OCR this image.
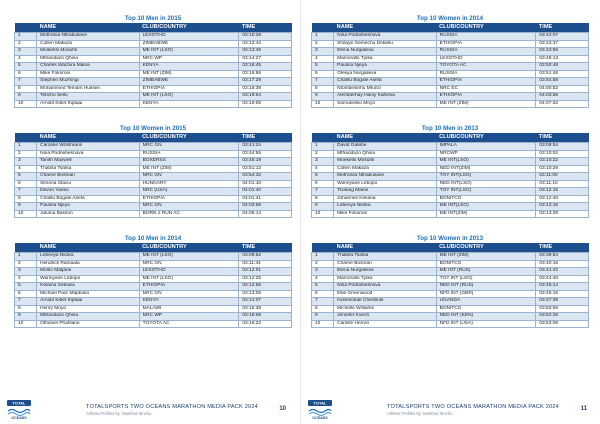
Top 10 Men in 2015
	NAME	CLUB/COUNTRY	TIME
1	Mothotoa Nthabuliane	LESOTHO	03:10:28
2	Collen Makaza	ZIMBABWE	03:12:42
3	Mosketsi Mosuhli	ME INT (LSO)	03:13:45
4	Mthandazo Qhina	NRC WP	03:14:27
5	Charles Wachira Maina	KENYA	03:16:45
6	Mike Fokoroni	ME INT (ZIM)	03:16:56
7	Stephen Muzhingi	ZIMBABWE	03:17:29
8	Mohammed Temam Hussen	ETHIOPIA	03:18:38
9	Tebcho Sello	ME INT (LSO)	03:18:54
10	Arnold Kibet Kiptaai	KENYA	03:19:05
Top 10 Women in 2015
	NAME	CLUB/COUNTRY	TIME
1	Caroline Wöstmann	NRC GN	03:41:24
2	Nina Podnebesnova	RUSSIA	03:44:55
3	Tanith Maxwell	BOXERSS	03:45:19
4	Thabita Tsatsa	ME INT (ZIM)	03:51:12
5	Charné Bosman	NRC GN	03:54:32
6	Simona Staicu	HUNGARY	04:01:10
7	Devon Yanko	NRC (USA)	04:01:40
8	Chalitu Bogale Asefa	ETHIOPIA	04:01:41
9	Paulina Njeya	NRC GN	04:03:58
10	Juliana Basson	BORN 2 RUN AC	04:06:14
Top 10 Men in 2014
	NAME	CLUB/COUNTRY	TIME
1	Lebenya Nkoka	ME INT (LSO)	03:09:52
2	Hendrick Ramaala	NRC GN	03:11:34
3	Moslo Matjane	LESOTHO	03:12:01
4	Warinyane Lebopo	ME INT (LSO)	03:12:25
5	Kelama Sekowa	ETHIOPIA	03:12:56
6	Michael Paor Mapbuko	NRC GN	03:13:05
7	Arnold Kibet Kiptaai	KENYA	03:14:07
8	Henry Moyo	MALAWI	03:15:38
9	Mthandazo Qhina	NRC WP	03:16:08
10	Othaniel Phahlane	TOYOTA AC	03:16:22
TOTAL
OCEANS
TOTALSPORTS TWO OCEANS MARATHON MEDIA PACK 2024
Athlete Profiles by: Manfred Sinzhu
10
Top 10 Women in 2014
	NAME	CLUB/COUNTRY	TIME
1	Nina Podnebesnova	RUSSIA	03:42:07
2	Shitaye Gemechu Debellu	ETHIOPIA	03:43:37
3	Elena Nurgalieva	RUSSIA	03:43:59
4	Mamorallo Tjoka	LESOTHO	03:46:13
5	Paulina Njeya	TOYOTA AC	03:50:48
6	Olesya Nurgalieva	RUSSIA	03:51:46
7	Chalitu Bogale Asefa	ETHIOPIA	03:54:58
8	Ntombesinhu Mfunzi	NRC EC	04:00:52
9	Alemberhay Haniy Kahissa	ETHIOPIA	04:03:56
10	Samukeliso Moyo	ME INT (ZIM)	04:07:32
Top 10 Men in 2013
	NAME	CLUB/COUNTRY	TIME
1	David Gatebe	IMPALA	03:08:54
2	Mthandazo Qhina	NRCWP	03:10:02
3	Moeketsi Mosuhli	ME INT(LSO)	03:10:22
4	Collen Makaza	NED INT(ZIM)	03:10:29
5	Mothotoa Nthabuliane	TOY INT(LSO)	03:11:00
6	Warinyane Lebopo	NED INT(LSO)	03:11:10
7	Tsotang Maine	TOY INT(LSO)	03:12:15
8	Johannes Kekana	BONITCG	03:12:40
9	Lebenya Nkoka	ME INT(LSO)	03:13:16
10	Mike Fokoroni	ME INT(ZIM)	03:13:29
Top 10 Women in 2013
	NAME	CLUB/COUNTRY	TIME
1	Thabita Tsatsa	ME INT (ZIM)	03:39:54
2	Charné Bosman	BONITCG	03:40:16
3	Elena Nurgalieva	ME INT (RUS)	03:41:42
4	Mamorallo Tjoka	TOY INT (LSO)	03:44:40
5	Nina Podnebesnova	NED INT (RUS)	03:45:14
6	Ellie Greenwood	NFD INT (GBR)	03:45:15
7	Irvinesolute Chenbule	UGANDA	03:47:39
8	Michelle Williams	BONITCG	03:50:56
9	Jennifer Koech	NED INT (KEN)	03:52:28
10	Camille Herron	NFD INT (USA)	03:53:09
TOTAL
OCEANS
TOTALSPORTS TWO OCEANS MARATHON MEDIA PACK 2024
Athlete Profiles by: Manfred Sinzhu
11
